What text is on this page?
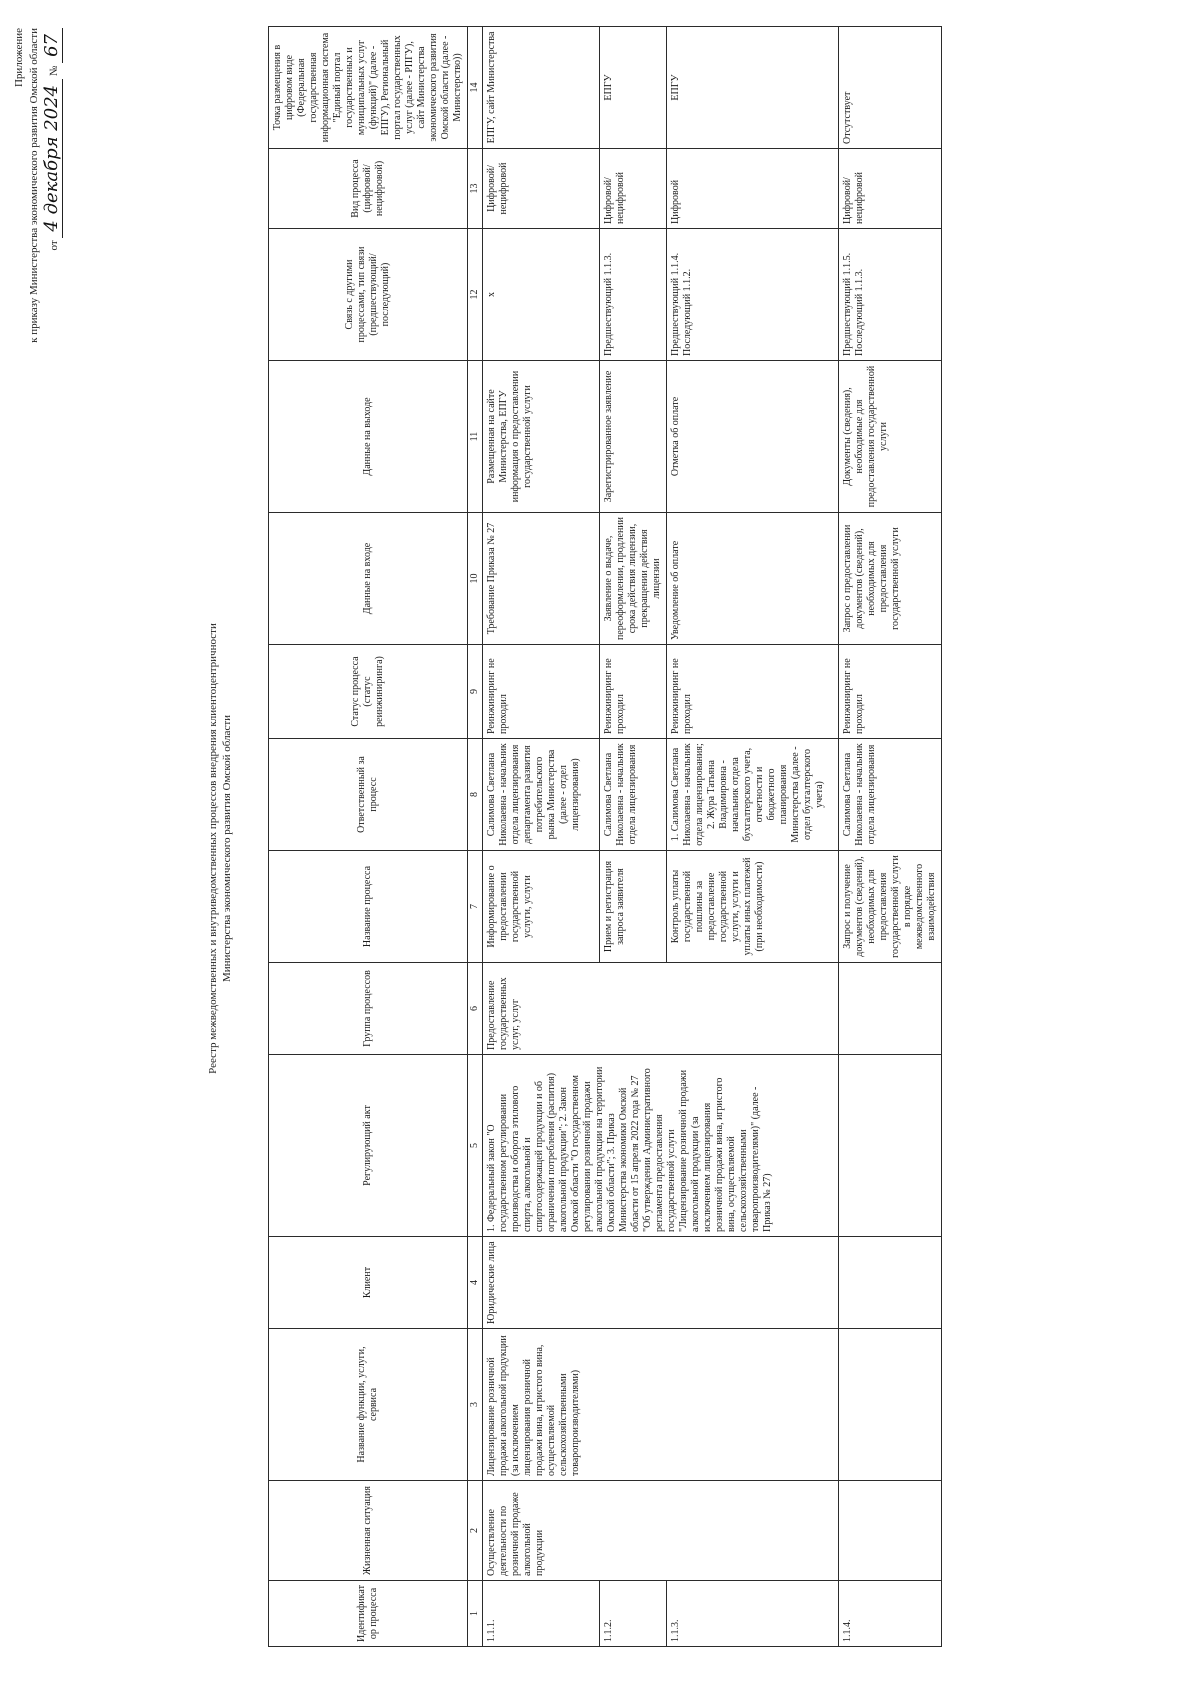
Приложение к приказу Министерства экономического развития Омской области от 4 декабря 2024 № 67
Реестр межведомственных и внутриведомственных процессов внедрения клиентоцентричности Министерства экономического развития Омской области
Идентификатор процесса	Жизненная ситуация	Название функции, услуги, сервиса	Клиент	Регулирующий акт	Группа процессов	Название процесса	Ответственный за процесс	Статус процесса (статус реинжиниринга)	Данные на входе	Данные на выходе	Связь с другими процессами, тип связи (предшествующий/последующий)	Вид процесса (цифровой/нецифровой)	Точка размещения в цифровом виде (Федеральная государственная информационная система "Единый портал государственных и муниципальных услуг (функций)" (далее - ЕПГУ), Региональный портал государственных услуг (далее - РПГУ), сайт Министерства экономического развития Омской области (далее - Министерство))
1	2	3	4	5	6	7	8	9	10	11	12	13	14
1.1.1.	Осуществление деятельности по розничной продаже алкогольной продукции	Лицензирование розничной продажи алкогольной продукции (за исключением лицензирования розничной продажи вина, игристого вина, осуществляемой сельскохозяйственными товаропроизводителями)	Юридические лица	1. Федеральный закон "О государственном регулировании производства и оборота этилового спирта, алкогольной и спиртосодержащей продукции и об ограничении потребления (распития) алкогольной продукции"; 2. Закон Омской области "О государственном регулировании розничной продажи алкогольной продукции на территории Омской области"; 3. Приказ Министерства экономики Омской области от 15 апреля 2022 года № 27 "Об утверждении Административного регламента предоставления государственной услуги "Лицензирование розничной продажи алкогольной продукции (за исключением лицензирования розничной продажи вина, игристого вина, осуществляемой сельскохозяйственными товаропроизводителями)" (далее - Приказ № 27)	Предоставление государственных услуг, услуг	Информирование о предоставлении государственной услуги, услуги	Салимова Светлана Николаевна - начальник отдела лицензирования департамента развития потребительского рынка Министерства (далее - отдел лицензирования)	Реинжиниринг не проходил	Требование Приказа № 27	Размещенная на сайте Министерства, ЕПГУ информация о предоставлении государственной услуги	x	Цифровой/нецифровой	ЕПГУ, сайт Министерства
1.1.2.						Прием и регистрация запроса заявителя	Салимова Светлана Николаевна - начальник отдела лицензирования	Реинжиниринг не проходил	Заявление о выдаче, переоформлении, продлении срока действия лицензии, прекращении действия лицензии	Зарегистрированное заявление	Предшествующий 1.1.3.	Цифровой/нецифровой	ЕПГУ
1.1.3.						Контроль уплаты государственной пошлины за предоставление государственной услуги, услуги и уплаты иных платежей (при необходимости)	1. Салимова Светлана Николаевна - начальник отдела лицензирования; 2. Жура Татьяна Владимировна - начальник отдела бухгалтерского учета, отчетности и бюджетного планирования Министерства (далее - отдел бухгалтерского учета)	Реинжиниринг не проходил	Уведомление об оплате	Отметка об оплате	Предшествующий 1.1.4. Последующий 1.1.2.	Цифровой	ЕПГУ
1.1.4.						Запрос и получение документов (сведений), необходимых для предоставления государственной услуги в порядке межведомственного взаимодействия	Салимова Светлана Николаевна - начальник отдела лицензирования	Реинжиниринг не проходил	Запрос о предоставлении документов (сведений), необходимых для предоставления государственной услуги	Документы (сведения), необходимые для предоставления государственной услуги	Предшествующий 1.1.5. Последующий 1.1.3.	Цифровой/нецифровой	Отсутствует
